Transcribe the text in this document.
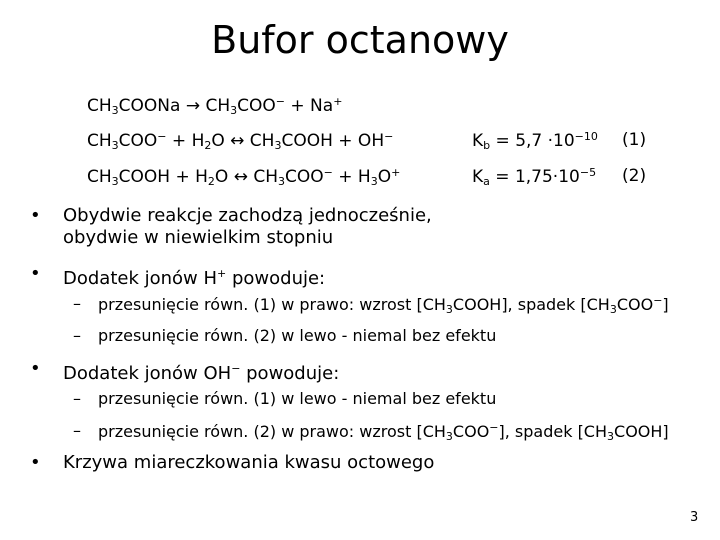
Bufor octanowy
$CH_3COONa \to CH_3COO^- + Na^+$
$CH_3COO^- + H_2O$ ↔ $CH_3COOH + OH^-$	$K_b = 5,7 \cdot 10^{-10}$ (1)
$CH_3COOH + H_2O$ ↔ $CH_3COO^- + H_3O^+$	$K_a = 1,75\cdot 10^{-5}$ (2)
• Obydwie reakcje zachodzą jednocześnie,
obydwie w niewielkim stopniu
• Dodatek jonów H+ powoduje:
– przesunięcie równ. (1) w prawo: wzrost $[CH_3COOH]$, spadek $[CH_3COO^-]$
– przesunięcie równ. (2) w lewo - niemal bez efektu
• Dodatek jonów OH− powoduje:
– przesunięcie równ. (1) w lewo - niemal bez efektu
– przesunięcie równ. (2) w prawo: wzrost $[CH_3COO^-]$, spadek $[CH_3COOH]$
• Krzywa miareczkowania kwasu octowego
3
